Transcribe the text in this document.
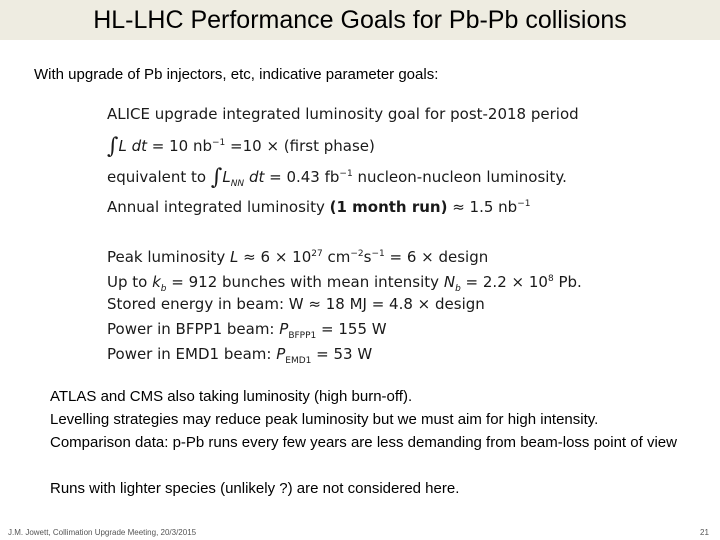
HL-LHC Performance Goals for Pb-Pb collisions
With upgrade of Pb injectors, etc, indicative parameter goals:
ALICE upgrade integrated luminosity goal for post-2018 period
∫L dt = 10 $nb^{-1} =10$ × (first phase)
equivalent to $\int L_{NN}$ dt = 0.43 $fb^{-1}$ nucleon-nucleon luminosity.
Annual integrated luminosity (1 month run) ≈ 1.5 $nb^{-1}$
Peak luminosity $L \approx 6 \times 10^{27}$ $cm^{-2}s^{-1} = 6$ × design
Up to $k_b = 912$ bunches with mean intensity $N_b = 2.2 \times 10^8$ Pb.
Stored energy in beam: W ≈ 18 MJ = 4.8 × design
Power in BFPP1 beam: $P_{BFPP1} = 155$ W
Power in EMD1 beam: $P_{EMD1} = 53$ W

ATLAS and CMS also taking luminosity (high burn-off).

Levelling strategies may reduce peak luminosity but we must aim for high intensity.

Comparison data: p-Pb runs every few years are less demanding from beam-loss point of view

Runs with lighter species (unlikely ?) are not considered here.

J.M. Jowett, Collimation Upgrade Meeting, 20/3/2015	21
